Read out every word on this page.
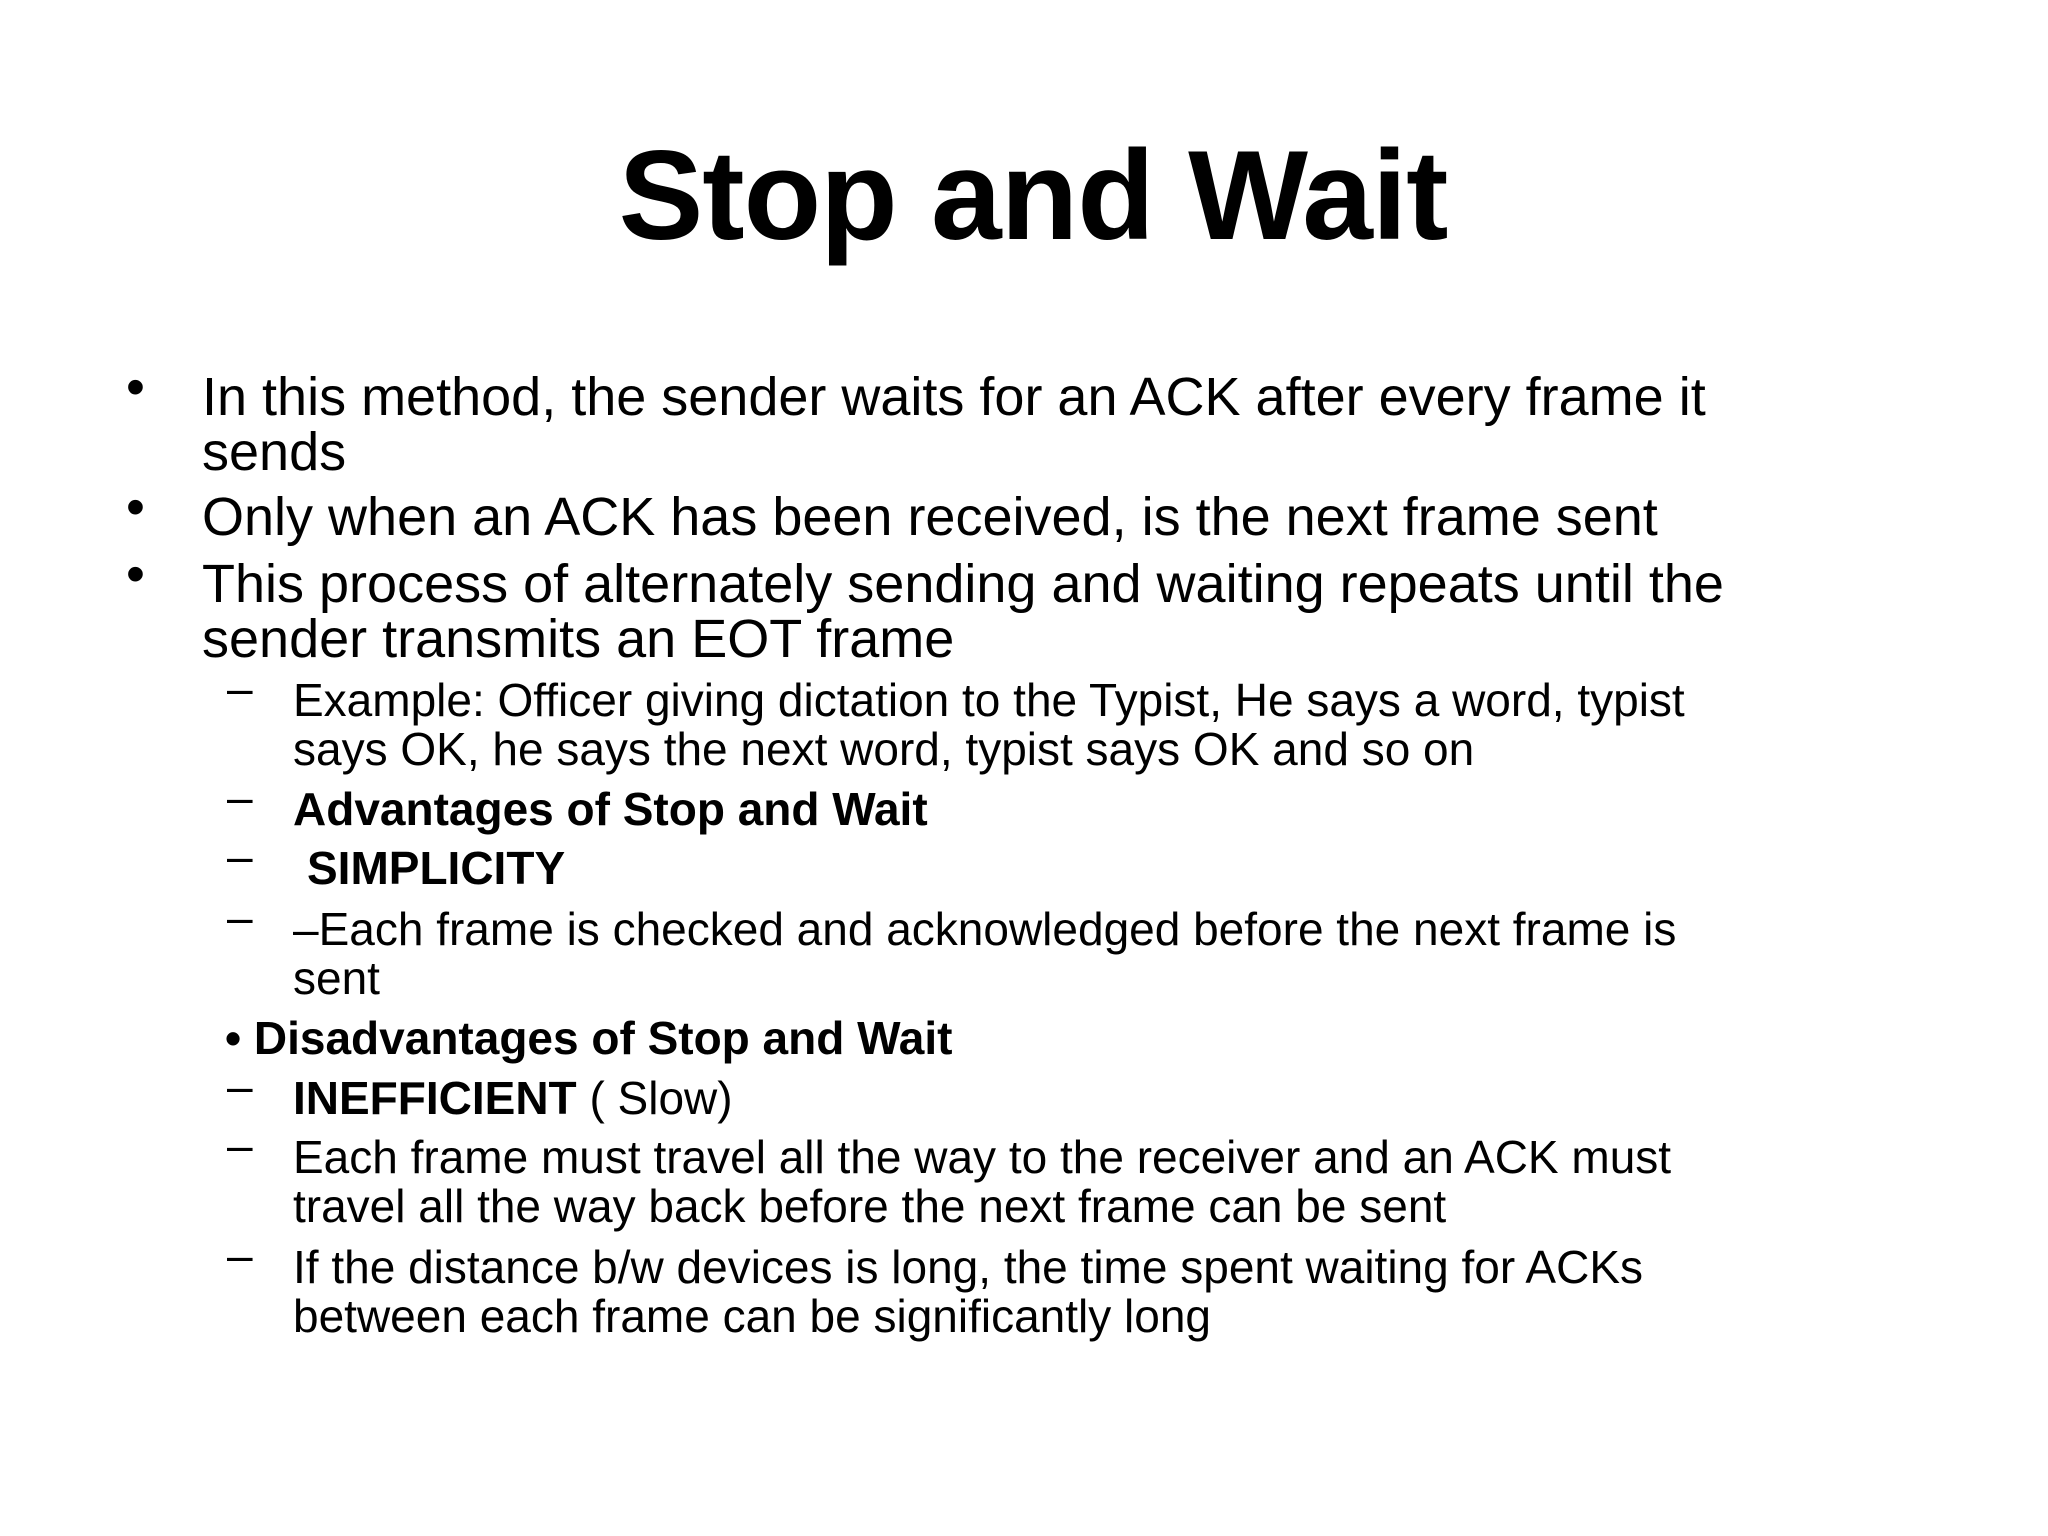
Stop and Wait
• In this method, the sender waits for an ACK after every frame it
sends
• Only when an ACK has been received, is the next frame sent
• This process of alternately sending and waiting repeats until the
sender transmits an EOT frame
– Example: Officer giving dictation to the Typist, He says a word, typist
says OK, he says the next word, typist says OK and so on
– Advantages of Stop and Wait
–	SIMPLICITY
– –Each frame is checked and acknowledged before the next frame is
sent
• Disadvantages of Stop and Wait
– INEFFICIENT ( Slow)
– Each frame must travel all the way to the receiver and an ACK must
travel all the way back before the next frame can be sent
– If the distance b/w devices is long, the time spent waiting for ACKs
between each frame can be significantly long
